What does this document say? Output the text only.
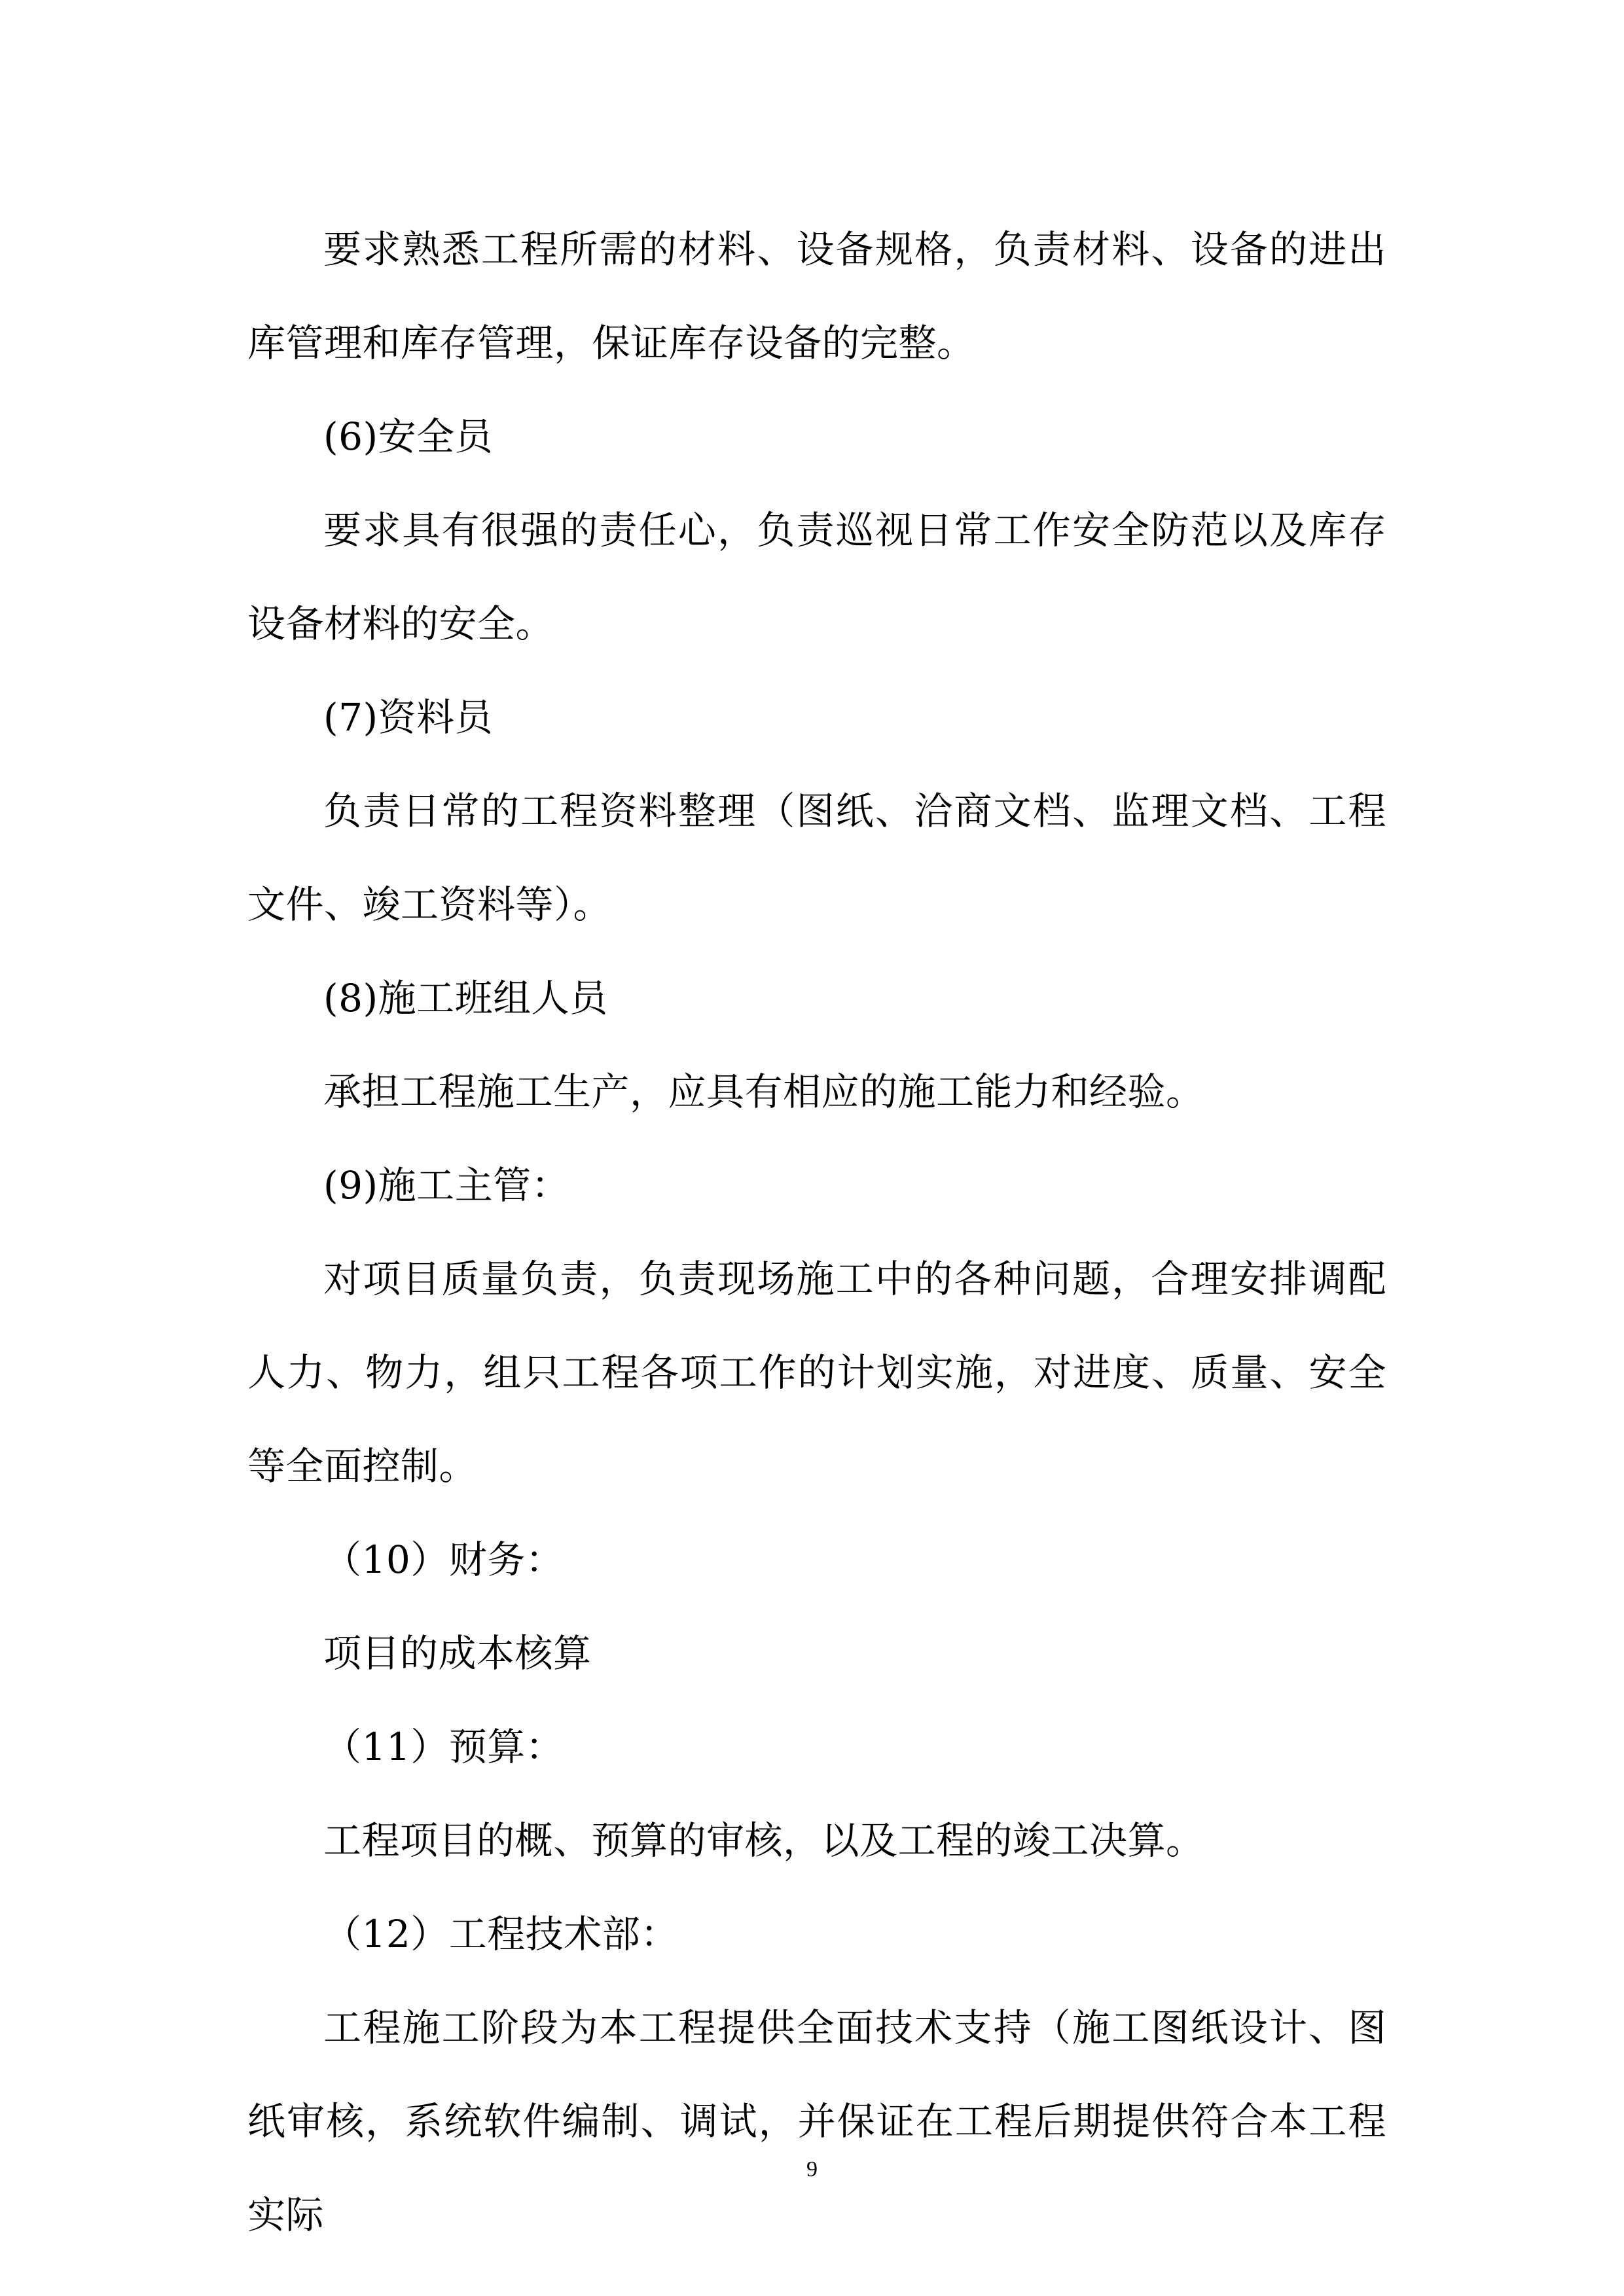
要求熟悉工程所需的材料、设备规格，负责材料、设备的进出库管理和库存管理，保证库存设备的完整。

(6)安全员

要求具有很强的责任心，负责巡视日常工作安全防范以及库存设备材料的安全。

(7)资料员

负责日常的工程资料整理（图纸、洽商文档、监理文档、工程文件、竣工资料等）。

(8)施工班组人员

承担工程施工生产，应具有相应的施工能力和经验。

(9)施工主管：

对项目质量负责，负责现场施工中的各种问题，合理安排调配人力、物力，组只工程各项工作的计划实施，对进度、质量、安全等全面控制。

（10）财务：

项目的成本核算

（11）预算：

工程项目的概、预算的审核，以及工程的竣工决算。

（12）工程技术部：

工程施工阶段为本工程提供全面技术支持（施工图纸设计、图纸审核，系统软件编制、调试，并保证在工程后期提供符合本工程实际

9
